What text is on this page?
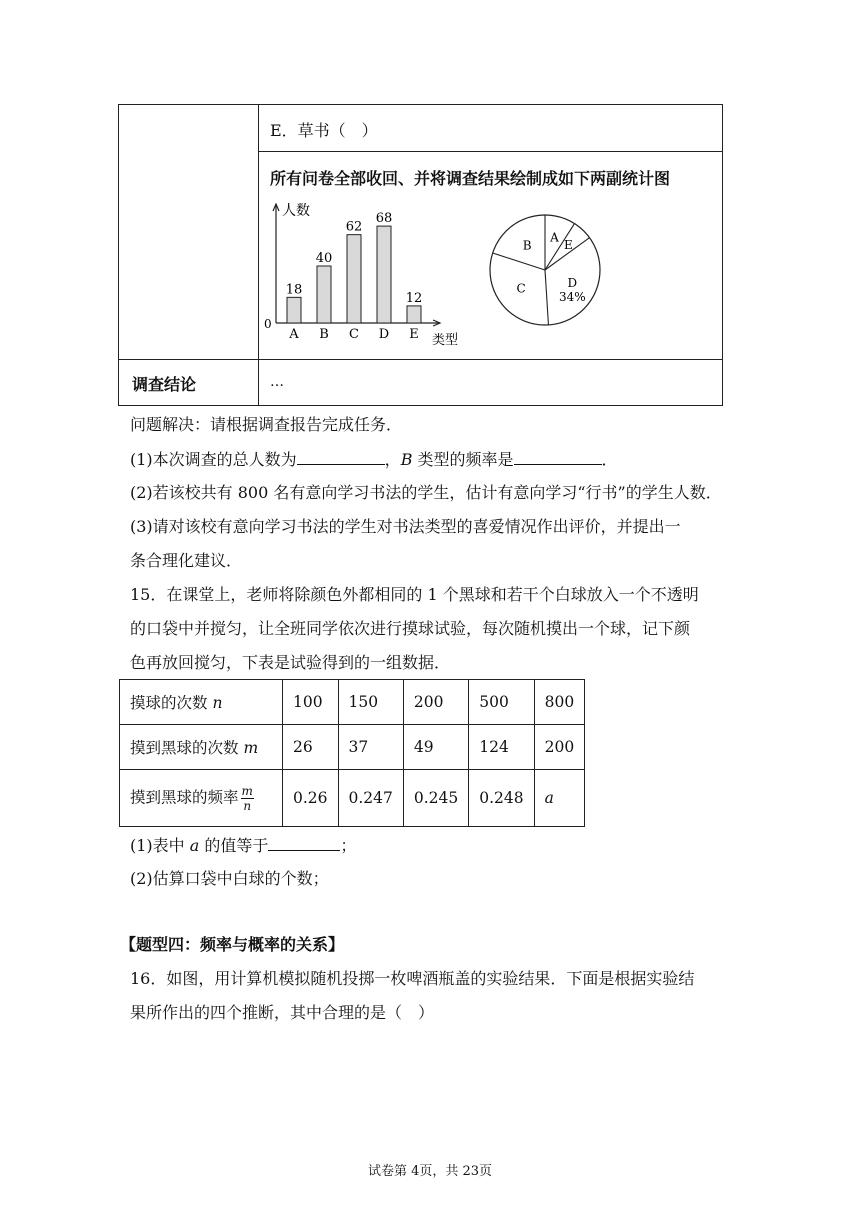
E．草书（　）
所有问卷全部收回、并将调查结果绘制成如下两副统计图
调查结论	…
人数
类型
0
18
A
40
B
62
C
68
D
12
E
A
E
D
34%
C
B
问题解决：请根据调查报告完成任务．
(1)本次调查的总人数为	，B 类型的频率是	．
(2)若该校共有 800 名有意向学习书法的学生，估计有意向学习“行书”的学生人数．
(3)请对该校有意向学习书法的学生对书法类型的喜爱情况作出评价，并提出一
条合理化建议．
15．在课堂上，老师将除颜色外都相同的 1 个黑球和若干个白球放入一个不透明
的口袋中并搅匀，让全班同学依次进行摸球试验，每次随机摸出一个球，记下颜
色再放回搅匀，下表是试验得到的一组数据．
摸球的次数 n	100	150	200	500	800
摸到黑球的次数 m	26	37	49	124	200
摸到黑球的频率 $\frac{m}{n}$	0.26	0.247	0.245	0.248	a
(1)表中 a 的值等于	；
(2)估算口袋中白球的个数；
【题型四：频率与概率的关系】
16．如图，用计算机模拟随机投掷一枚啤酒瓶盖的实验结果．下面是根据实验结
果所作出的四个推断，其中合理的是（　）
试卷第 4页，共 23页
